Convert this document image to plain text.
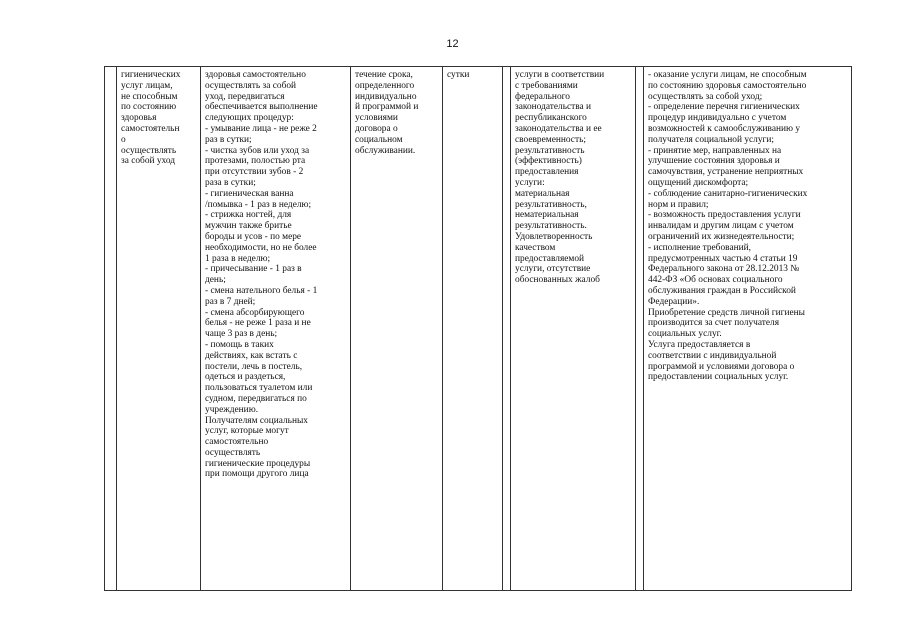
12

гигиенических
услуг лицам,
не способным
по состоянию
здоровья
самостоятельн
о
осуществлять
за собой уход

здоровья самостоятельно
осуществлять за собой
уход, передвигаться
обеспечивается выполнение
следующих процедур:
- умывание лица - не реже 2
раз в сутки;
- чистка зубов или уход за
протезами, полостью рта
при отсутствии зубов - 2
раза в сутки;
- гигиеническая ванна
/помывка - 1 раз в неделю;
- стрижка ногтей, для
мужчин также бритье
бороды и усов - по мере
необходимости, но не более
1 раза в неделю;
- причесывание - 1 раз в
день;
- смена нательного белья - 1
раз в 7 дней;
- смена абсорбирующего
белья - не реже 1 раза и не
чаще 3 раз в день;
- помощь в таких
действиях, как встать с
постели, лечь в постель,
одеться и раздеться,
пользоваться туалетом или
судном, передвигаться по
учреждению.
Получателям социальных
услуг, которые могут
самостоятельно
осуществлять
гигиенические процедуры
при помощи другого лица

течение срока,
определенного
индивидуально
й программой и
условиями
договора о
социальном
обслуживании.

сутки		услуги в соответствии
с требованиями
федерального
законодательства и
республиканского
законодательства и ее
своевременность;
результативность
(эффективность)
предоставления
услуги:
материальная
результативность,
нематериальная
результативность.
Удовлетворенность
качеством
предоставляемой
услуги, отсутствие
обоснованных жалоб

- оказание услуги лицам, не способным
по состоянию здоровья самостоятельно
осуществлять за собой уход;
- определение перечня гигиенических
процедур индивидуально с учетом
возможностей к самообслуживанию у
получателя социальной услуги;
- принятие мер, направленных на
улучшение состояния здоровья и
самочувствия, устранение неприятных
ощущений дискомфорта;
- соблюдение санитарно-гигиенических
норм и правил;
- возможность предоставления услуги
инвалидам и другим лицам с учетом
ограничений их жизнедеятельности;
- исполнение требований,
предусмотренных частью 4 статьи 19
Федерального закона от 28.12.2013 №
442-ФЗ «Об основах социального
обслуживания граждан в Российской
Федерации».
Приобретение средств личной гигиены
производится за счет получателя
социальных услуг.
Услуга предоставляется в
соответствии с индивидуальной
программой и условиями договора о
предоставлении социальных услуг.
